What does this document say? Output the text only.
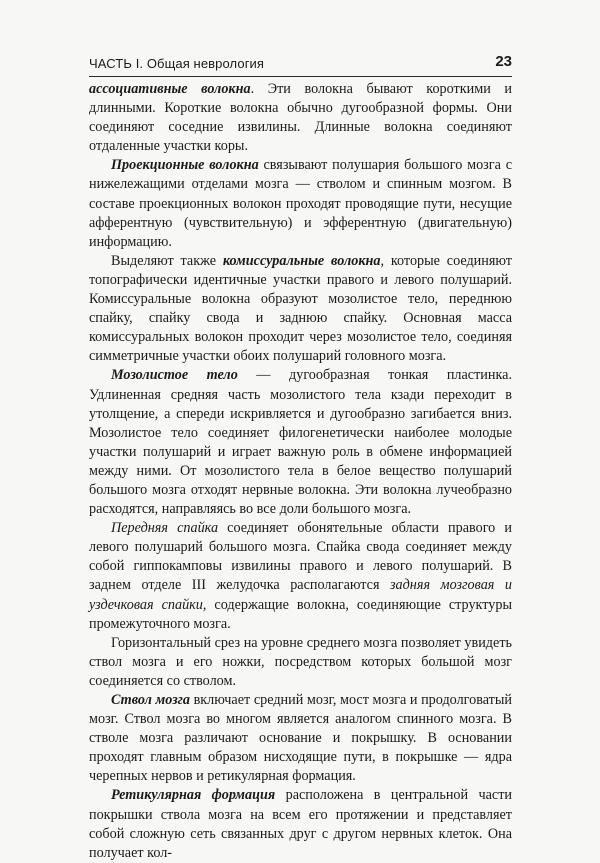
ЧАСТЬ I. Общая неврология	23

ассоциативные волокна. Эти волокна бывают короткими и длинными. Короткие волокна обычно дугообразной формы. Они соединяют соседние извилины. Длинные волокна соединяют отдаленные участки коры.

Проекционные волокна связывают полушария большого мозга с нижележащими отделами мозга — стволом и спинным мозгом. В составе проекционных волокон проходят проводящие пути, несущие афферентную (чувствительную) и эфферентную (двигательную) информацию.

Выделяют также комиссуральные волокна, которые соединяют топографически идентичные участки правого и левого полушарий. Комиссуральные волокна образуют мозолистое тело, переднюю спайку, спайку свода и заднюю спайку. Основная масса комиссуральных волокон проходит через мозолистое тело, соединяя симметричные участки обоих полушарий головного мозга.

Мозолистое тело — дугообразная тонкая пластинка. Удлиненная средняя часть мозолистого тела кзади переходит в утолщение, а спереди искривляется и дугообразно загибается вниз. Мозолистое тело соединяет филогенетически наиболее молодые участки полушарий и играет важную роль в обмене информацией между ними. От мозолистого тела в белое вещество полушарий большого мозга отходят нервные волокна. Эти волокна лучеобразно расходятся, направляясь во все доли большого мозга.

Передняя спайка соединяет обонятельные области правого и левого полушарий большого мозга. Спайка свода соединяет между собой гиппокамповы извилины правого и левого полушарий. В заднем отделе III желудочка располагаются задняя мозговая и уздечковая спайки, содержащие волокна, соединяющие структуры промежуточного мозга.

Горизонтальный срез на уровне среднего мозга позволяет увидеть ствол мозга и его ножки, посредством которых большой мозг соединяется со стволом.

Ствол мозга включает средний мозг, мост мозга и продолговатый мозг. Ствол мозга во многом является аналогом спинного мозга. В стволе мозга различают основание и покрышку. В основании проходят главным образом нисходящие пути, в покрышке — ядра черепных нервов и ретикулярная формация.

Ретикулярная формация расположена в центральной части покрышки ствола мозга на всем его протяжении и представляет собой сложную сеть связанных друг с другом нервных клеток. Она получает кол-
